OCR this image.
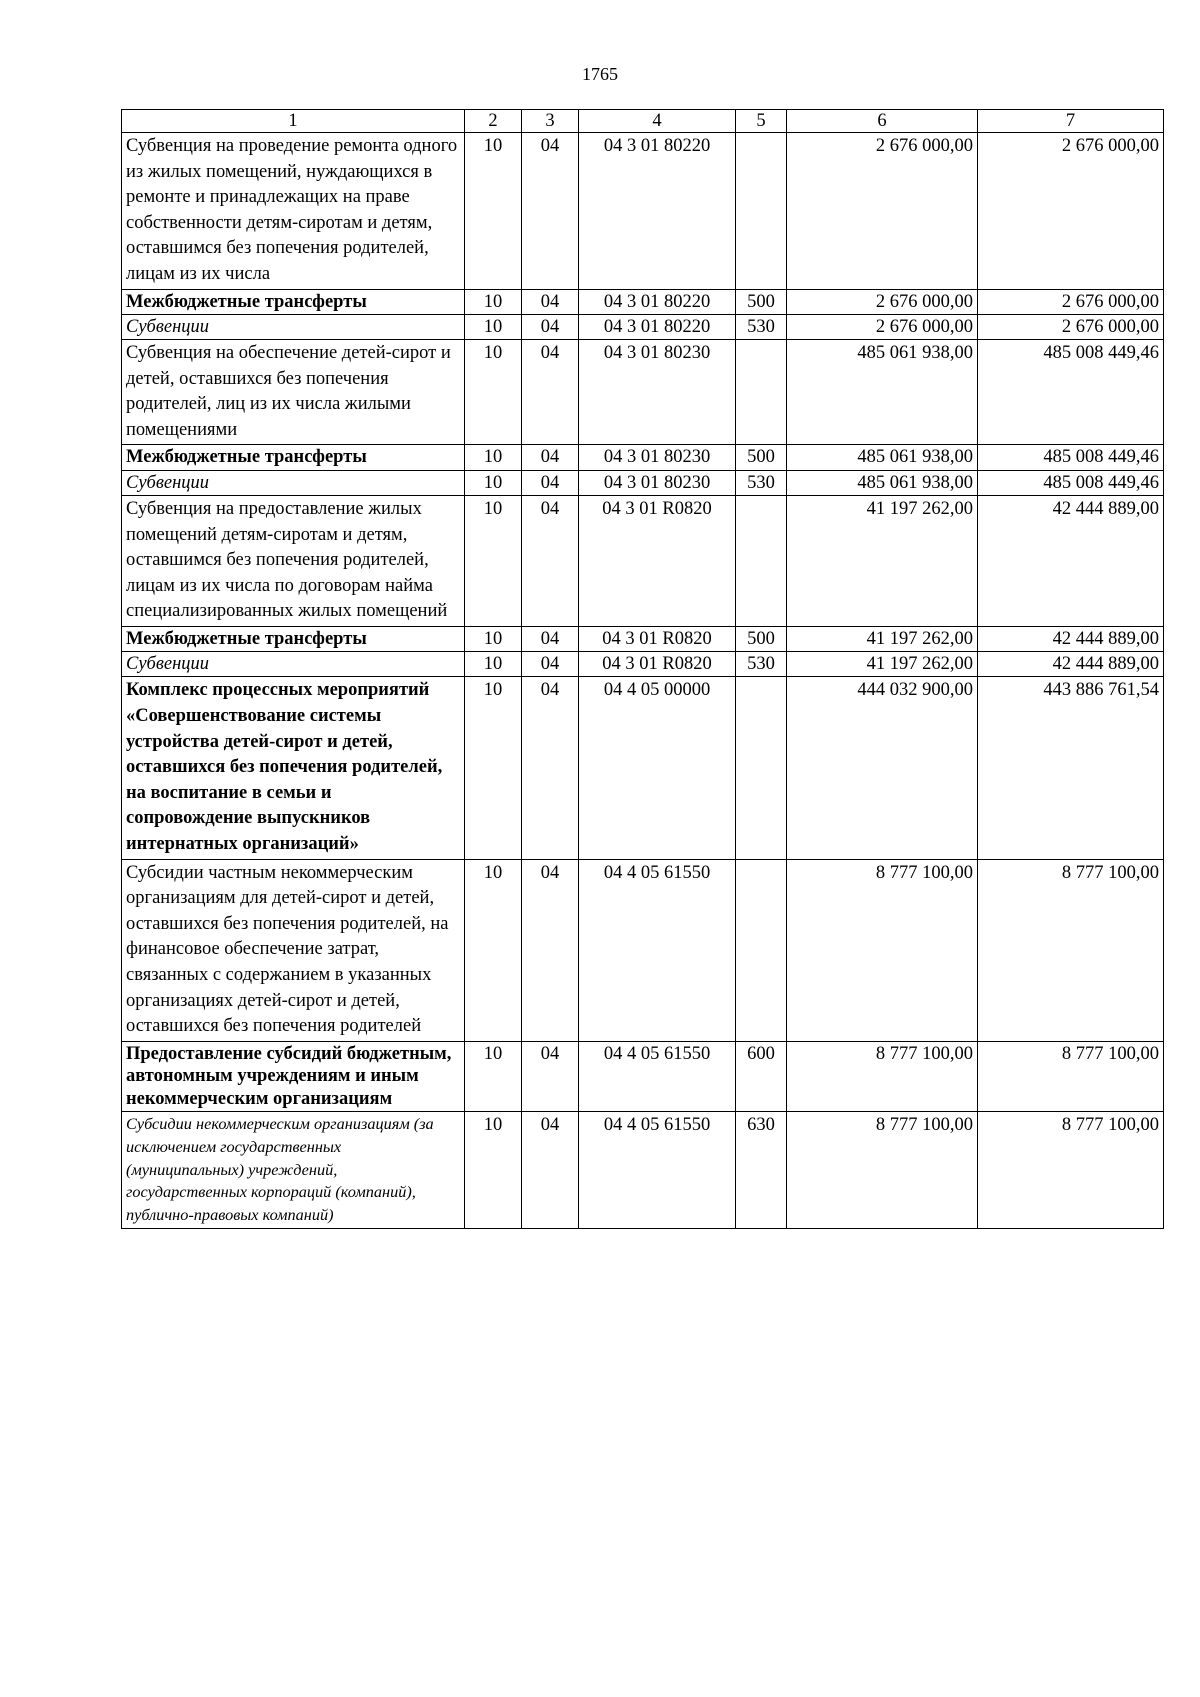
1765
1	2	3	4	5	6	7
Субвенция на проведение ремонта одного из жилых помещений, нуждающихся в ремонте и принадлежащих на праве собственности детям-сиротам и детям, оставшимся без попечения родителей, лицам из их числа	10	04	04 3 01 80220		2 676 000,00	2 676 000,00
Межбюджетные трансферты	10	04	04 3 01 80220	500	2 676 000,00	2 676 000,00
Субвенции	10	04	04 3 01 80220	530	2 676 000,00	2 676 000,00
Субвенция на обеспечение детей-сирот и детей, оставшихся без попечения родителей, лиц из их числа жилыми помещениями	10	04	04 3 01 80230		485 061 938,00	485 008 449,46
Межбюджетные трансферты	10	04	04 3 01 80230	500	485 061 938,00	485 008 449,46
Субвенции	10	04	04 3 01 80230	530	485 061 938,00	485 008 449,46
Субвенция на предоставление жилых помещений детям-сиротам и детям, оставшимся без попечения родителей, лицам из их числа по договорам найма специализированных жилых помещений	10	04	04 3 01 R0820		41 197 262,00	42 444 889,00
Межбюджетные трансферты	10	04	04 3 01 R0820	500	41 197 262,00	42 444 889,00
Субвенции	10	04	04 3 01 R0820	530	41 197 262,00	42 444 889,00
Комплекс процессных мероприятий «Совершенствование системы устройства детей-сирот и детей, оставшихся без попечения родителей, на воспитание в семьи и сопровождение выпускников интернатных организаций»	10	04	04 4 05 00000		444 032 900,00	443 886 761,54
Субсидии частным некоммерческим организациям для детей-сирот и детей, оставшихся без попечения родителей, на финансовое обеспечение затрат, связанных с содержанием в указанных организациях детей-сирот и детей, оставшихся без попечения родителей	10	04	04 4 05 61550		8 777 100,00	8 777 100,00
Предоставление субсидий бюджетным, автономным учреждениям и иным некоммерческим организациям	10	04	04 4 05 61550	600	8 777 100,00	8 777 100,00
Субсидии некоммерческим организациям (за исключением государственных (муниципальных) учреждений, государственных корпораций (компаний), публично-правовых компаний)	10	04	04 4 05 61550	630	8 777 100,00	8 777 100,00
